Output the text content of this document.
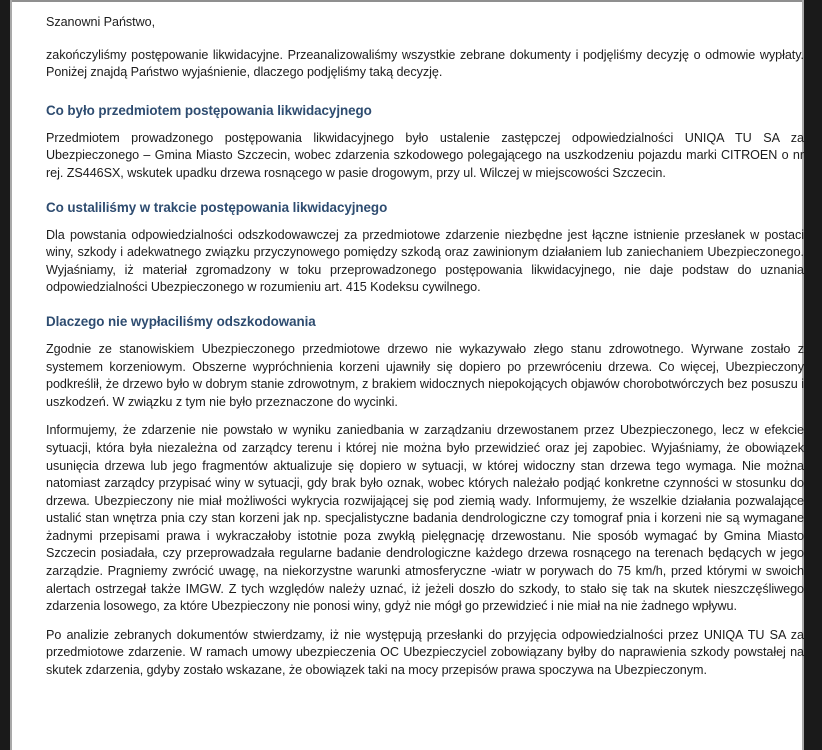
Szanowni Państwo,

zakończyliśmy postępowanie likwidacyjne. Przeanalizowaliśmy wszystkie zebrane dokumenty i podjęliśmy decyzję o odmowie wypłaty. Poniżej znajdą Państwo wyjaśnienie, dlaczego podjęliśmy taką decyzję.

Co było przedmiotem postępowania likwidacyjnego

Przedmiotem prowadzonego postępowania likwidacyjnego było ustalenie zastępczej odpowiedzialności UNIQA TU SA za Ubezpieczonego – Gmina Miasto Szczecin, wobec zdarzenia szkodowego polegającego na uszkodzeniu pojazdu marki CITROEN o nr rej. ZS446SX, wskutek upadku drzewa rosnącego w pasie drogowym, przy ul. Wilczej w miejscowości Szczecin.

Co ustaliliśmy w trakcie postępowania likwidacyjnego

Dla powstania odpowiedzialności odszkodowawczej za przedmiotowe zdarzenie niezbędne jest łączne istnienie przesłanek w postaci winy, szkody i adekwatnego związku przyczynowego pomiędzy szkodą oraz zawinionym działaniem lub zaniechaniem Ubezpieczonego. Wyjaśniamy, iż materiał zgromadzony w toku przeprowadzonego postępowania likwidacyjnego, nie daje podstaw do uznania odpowiedzialności Ubezpieczonego w rozumieniu art. 415 Kodeksu cywilnego.

Dlaczego nie wypłaciliśmy odszkodowania

Zgodnie ze stanowiskiem Ubezpieczonego przedmiotowe drzewo nie wykazywało złego stanu zdrowotnego. Wyrwane zostało z systemem korzeniowym. Obszerne wypróchnienia korzeni ujawniły się dopiero po przewróceniu drzewa. Co więcej, Ubezpieczony podkreślił, że drzewo było w dobrym stanie zdrowotnym, z brakiem widocznych niepokojących objawów chorobotwórczych bez posuszu i uszkodzeń. W związku z tym nie było przeznaczone do wycinki.

Informujemy, że zdarzenie nie powstało w wyniku zaniedbania w zarządzaniu drzewostanem przez Ubezpieczonego, lecz w efekcie sytuacji, która była niezależna od zarządcy terenu i której nie można było przewidzieć oraz jej zapobiec. Wyjaśniamy, że obowiązek usunięcia drzewa lub jego fragmentów aktualizuje się dopiero w sytuacji, w której widoczny stan drzewa tego wymaga. Nie można natomiast zarządcy przypisać winy w sytuacji, gdy brak było oznak, wobec których należało podjąć konkretne czynności w stosunku do drzewa. Ubezpieczony nie miał możliwości wykrycia rozwijającej się pod ziemią wady. Informujemy, że wszelkie działania pozwalające ustalić stan wnętrza pnia czy stan korzeni jak np. specjalistyczne badania dendrologiczne czy tomograf pnia i korzeni nie są wymagane żadnymi przepisami prawa i wykraczałoby istotnie poza zwykłą pielęgnację drzewostanu. Nie sposób wymagać by Gmina Miasto Szczecin posiadała, czy przeprowadzała regularne badanie dendrologiczne każdego drzewa rosnącego na terenach będących w jego zarządzie. Pragniemy zwrócić uwagę, na niekorzystne warunki atmosferyczne -wiatr w porywach do 75 km/h, przed którymi w swoich alertach ostrzegał także IMGW. Z tych względów należy uznać, iż jeżeli doszło do szkody, to stało się tak na skutek nieszczęśliwego zdarzenia losowego, za które Ubezpieczony nie ponosi winy, gdyż nie mógł go przewidzieć i nie miał na nie żadnego wpływu.

Po analizie zebranych dokumentów stwierdzamy, iż nie występują przesłanki do przyjęcia odpowiedzialności przez UNIQA TU SA za przedmiotowe zdarzenie. W ramach umowy ubezpieczenia OC Ubezpieczyciel zobowiązany byłby do naprawienia szkody powstałej na skutek zdarzenia, gdyby zostało wskazane, że obowiązek taki na mocy przepisów prawa spoczywa na Ubezpieczonym.
